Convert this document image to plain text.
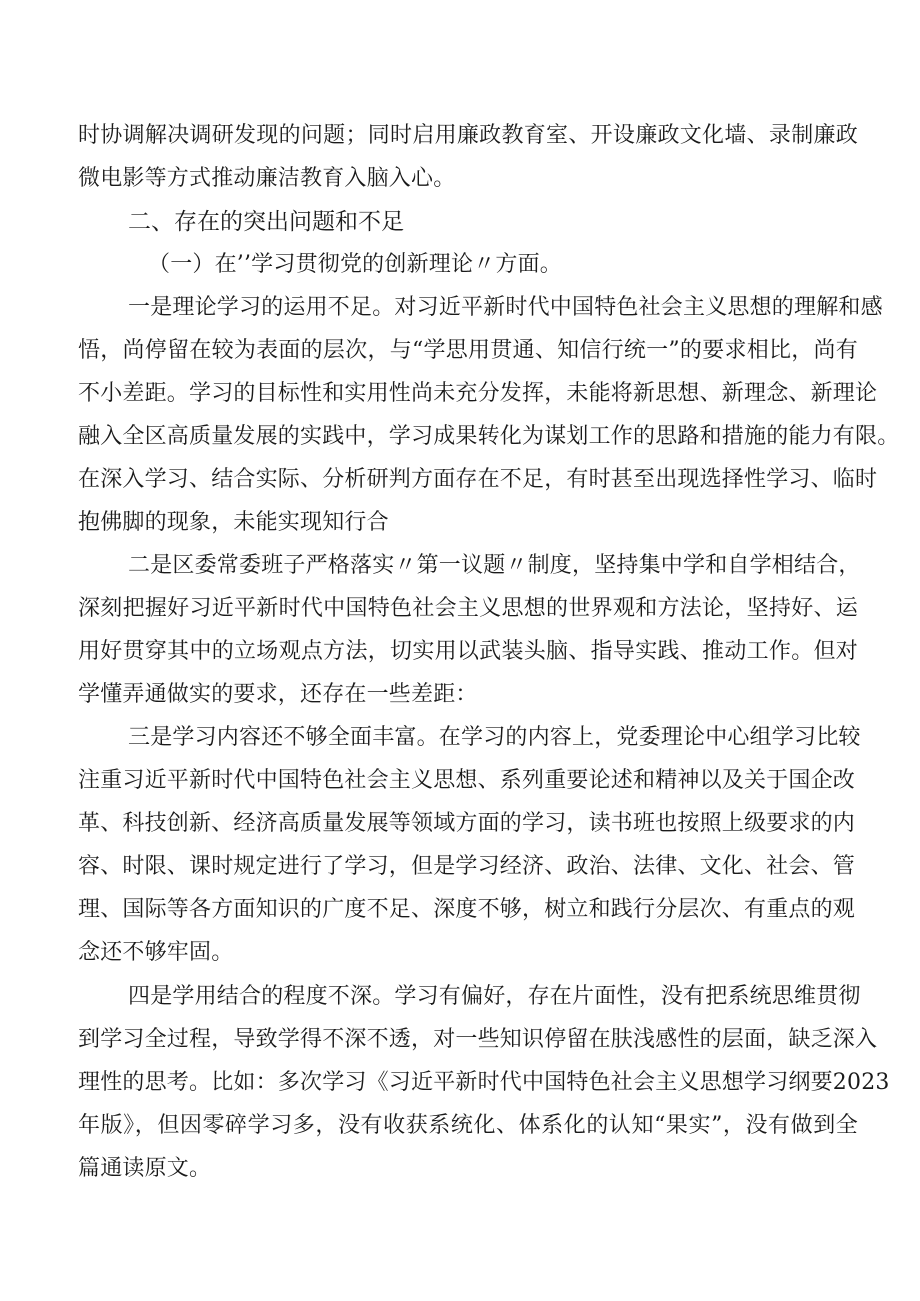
时协调解决调研发现的问题；同时启用廉政教育室、开设廉政文化墙、录制廉政
微电影等方式推动廉洁教育入脑入心。
二、存在的突出问题和不足
（一）在’’学习贯彻党的创新理论〃方面。
一是理论学习的运用不足。对习近平新时代中国特色社会主义思想的理解和感
悟，尚停留在较为表面的层次，与“学思用贯通、知信行统一”的要求相比，尚有
不小差距。学习的目标性和实用性尚未充分发挥，未能将新思想、新理念、新理论
融入全区高质量发展的实践中，学习成果转化为谋划工作的思路和措施的能力有限。
在深入学习、结合实际、分析研判方面存在不足，有时甚至出现选择性学习、临时
抱佛脚的现象，未能实现知行合
二是区委常委班子严格落实〃第一议题〃制度，坚持集中学和自学相结合，
深刻把握好习近平新时代中国特色社会主义思想的世界观和方法论，坚持好、运
用好贯穿其中的立场观点方法，切实用以武装头脑、指导实践、推动工作。但对
学懂弄通做实的要求，还存在一些差距：
三是学习内容还不够全面丰富。在学习的内容上，党委理论中心组学习比较
注重习近平新时代中国特色社会主义思想、系列重要论述和精神以及关于国企改
革、科技创新、经济高质量发展等领域方面的学习，读书班也按照上级要求的内
容、时限、课时规定进行了学习，但是学习经济、政治、法律、文化、社会、管
理、国际等各方面知识的广度不足、深度不够，树立和践行分层次、有重点的观
念还不够牢固。
四是学用结合的程度不深。学习有偏好，存在片面性，没有把系统思维贯彻
到学习全过程，导致学得不深不透，对一些知识停留在肤浅感性的层面，缺乏深入
理性的思考。比如：多次学习《习近平新时代中国特色社会主义思想学习纲要2023
年版》，但因零碎学习多，没有收获系统化、体系化的认知“果实”，没有做到全
篇通读原文。
